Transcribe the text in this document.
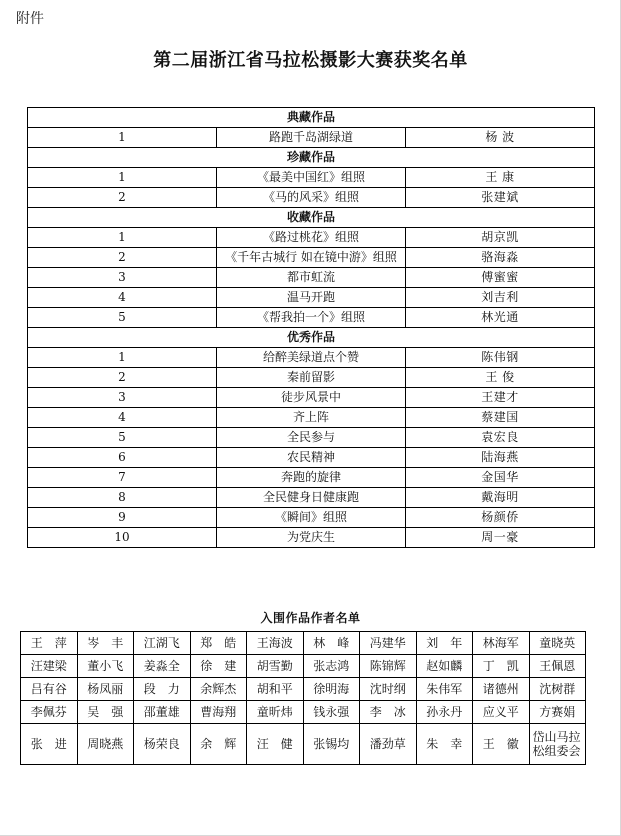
附件
第二届浙江省马拉松摄影大赛获奖名单
典藏作品		
1	路跑千岛湖绿道	杨 波
珍藏作品		
1	《最美中国红》组照	王 康
2	《马的风采》组照	张建斌
收藏作品		
1	《路过桃花》组照	胡京凯
2	《千年古城行 如在镜中游》组照	骆海淼
3	都市虹流	傅蜜蜜
4	温马开跑	刘吉利
5	《帮我拍一个》组照	林光通
优秀作品		
1	给醉美绿道点个赞	陈伟钢
2	秦前留影	王 俊
3	徒步风景中	王建才
4	齐上阵	蔡建国
5	全民参与	袁宏良
6	农民精神	陆海燕
7	奔跑的旋律	金国华
8	全民健身日健康跑	戴海明
9	《瞬间》组照	杨颜侨
10	为党庆生	周一豪
入围作品作者名单
王　萍	岑　丰	江湖飞	郑　皓	王海波	林　峰	冯建华	刘　年	林海军	童晓英
汪建梁	董小飞	姜淼全	徐　建	胡雪勤	张志鸿	陈锦辉	赵如麟	丁　凯	王佩恩
吕有谷	杨凤丽	段　力	余辉杰	胡和平	徐明海	沈时纲	朱伟军	诸德州	沈树群
李佩芬	吴　强	邵董雄	曹海翔	童昕炜	钱永强	李　冰	孙永丹	应义平	方赛娟
张　进	周晓燕	杨荣良	余　辉	汪　健	张锡均	潘劲草	朱　幸	王　徽	岱山马拉松组委会
